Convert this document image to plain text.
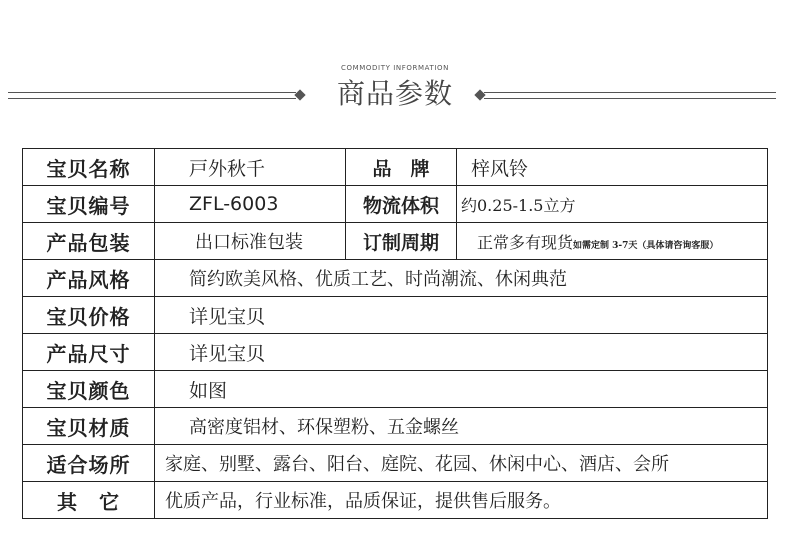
COMMODITY INFORMATION
商品参数
宝贝名称	戸外秋千	品　牌	梓风铃
宝贝编号	ZFL-6003	物流体积	约0.25-1.5立方
产品包装	出口标准包装	订制周期	正常多有现货如需定制 3-7天（具体请咨询客服）
产品风格	简约欧美风格、优质工艺、时尚潮流、休闲典范		
宝贝价格	详见宝贝		
产品尺寸	详见宝贝		
宝贝颜色	如图		
宝贝材质	高密度铝材、环保塑粉、五金螺丝		
适合场所	家庭、别墅、露台、阳台、庭院、花园、休闲中心、酒店、会所		
其　它	优质产品，行业标准，品质保证，提供售后服务。		
